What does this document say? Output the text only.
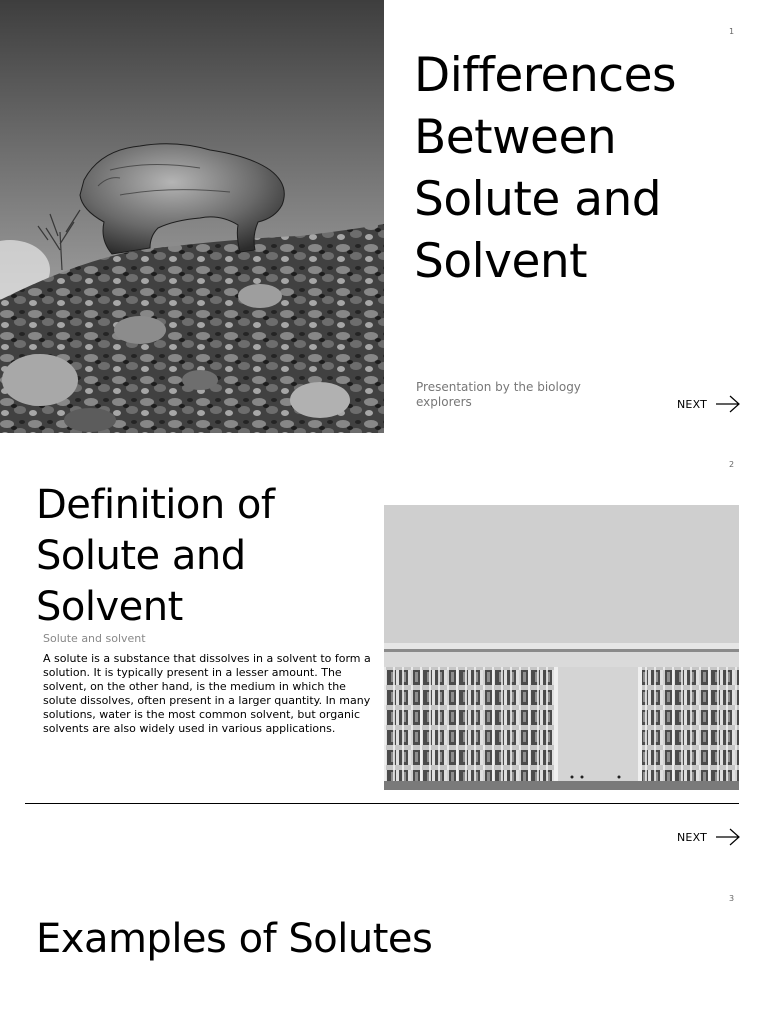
1
Differences
Between
Solute and
Solvent
Presentation by the biology
explorers	NEXT
2
Definition of
Solute and
Solvent
Solute and solvent
A solute is a substance that dissolves in a solvent to form a
solution. It is typically present in a lesser amount. The
solvent, on the other hand, is the medium in which the
solute dissolves, often present in a larger quantity. In many
solutions, water is the most common solvent, but organic
solvents are also widely used in various applications.
NEXT
3
Examples of Solutes
